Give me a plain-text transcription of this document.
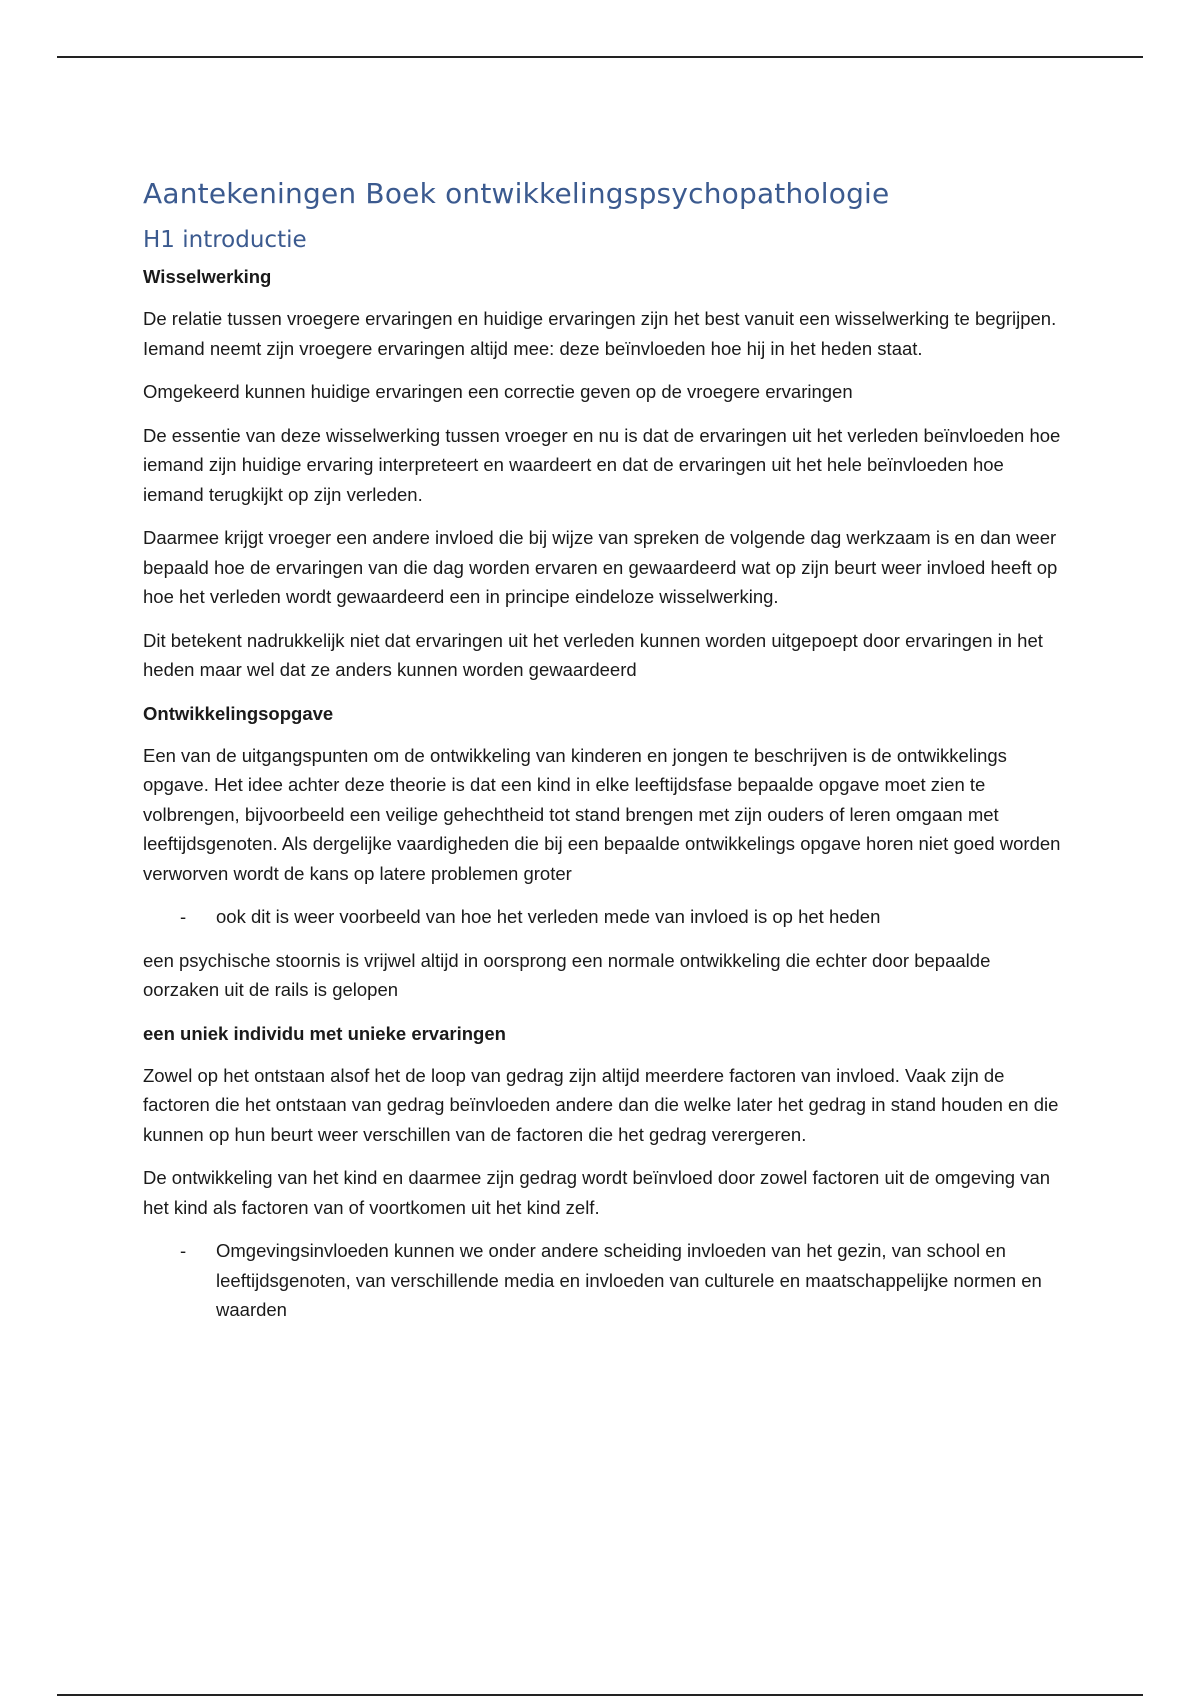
Aantekeningen Boek ontwikkelingspsychopathologie
H1 introductie
Wisselwerking

De relatie tussen vroegere ervaringen en huidige ervaringen zijn het best vanuit een wisselwerking te begrijpen. Iemand neemt zijn vroegere ervaringen altijd mee: deze beïnvloeden hoe hij in het heden staat.

Omgekeerd kunnen huidige ervaringen een correctie geven op de vroegere ervaringen

De essentie van deze wisselwerking tussen vroeger en nu is dat de ervaringen uit het verleden beïnvloeden hoe iemand zijn huidige ervaring interpreteert en waardeert en dat de ervaringen uit het hele beïnvloeden hoe iemand terugkijkt op zijn verleden.

Daarmee krijgt vroeger een andere invloed die bij wijze van spreken de volgende dag werkzaam is en dan weer bepaald hoe de ervaringen van die dag worden ervaren en gewaardeerd wat op zijn beurt weer invloed heeft op hoe het verleden wordt gewaardeerd een in principe eindeloze wisselwerking.

Dit betekent nadrukkelijk niet dat ervaringen uit het verleden kunnen worden uitgepoept door ervaringen in het heden maar wel dat ze anders kunnen worden gewaardeerd

Ontwikkelingsopgave

Een van de uitgangspunten om de ontwikkeling van kinderen en jongen te beschrijven is de ontwikkelings opgave. Het idee achter deze theorie is dat een kind in elke leeftijdsfase bepaalde opgave moet zien te volbrengen, bijvoorbeeld een veilige gehechtheid tot stand brengen met zijn ouders of leren omgaan met leeftijdsgenoten. Als dergelijke vaardigheden die bij een bepaalde ontwikkelings opgave horen niet goed worden verworven wordt de kans op latere problemen groter

- ook dit is weer voorbeeld van hoe het verleden mede van invloed is op het heden

een psychische stoornis is vrijwel altijd in oorsprong een normale ontwikkeling die echter door bepaalde oorzaken uit de rails is gelopen

een uniek individu met unieke ervaringen

Zowel op het ontstaan alsof het de loop van gedrag zijn altijd meerdere factoren van invloed. Vaak zijn de factoren die het ontstaan van gedrag beïnvloeden andere dan die welke later het gedrag in stand houden en die kunnen op hun beurt weer verschillen van de factoren die het gedrag verergeren.

De ontwikkeling van het kind en daarmee zijn gedrag wordt beïnvloed door zowel factoren uit de omgeving van het kind als factoren van of voortkomen uit het kind zelf.

- Omgevingsinvloeden kunnen we onder andere scheiding invloeden van het gezin, van school en leeftijdsgenoten, van verschillende media en invloeden van culturele en maatschappelijke normen en waarden
